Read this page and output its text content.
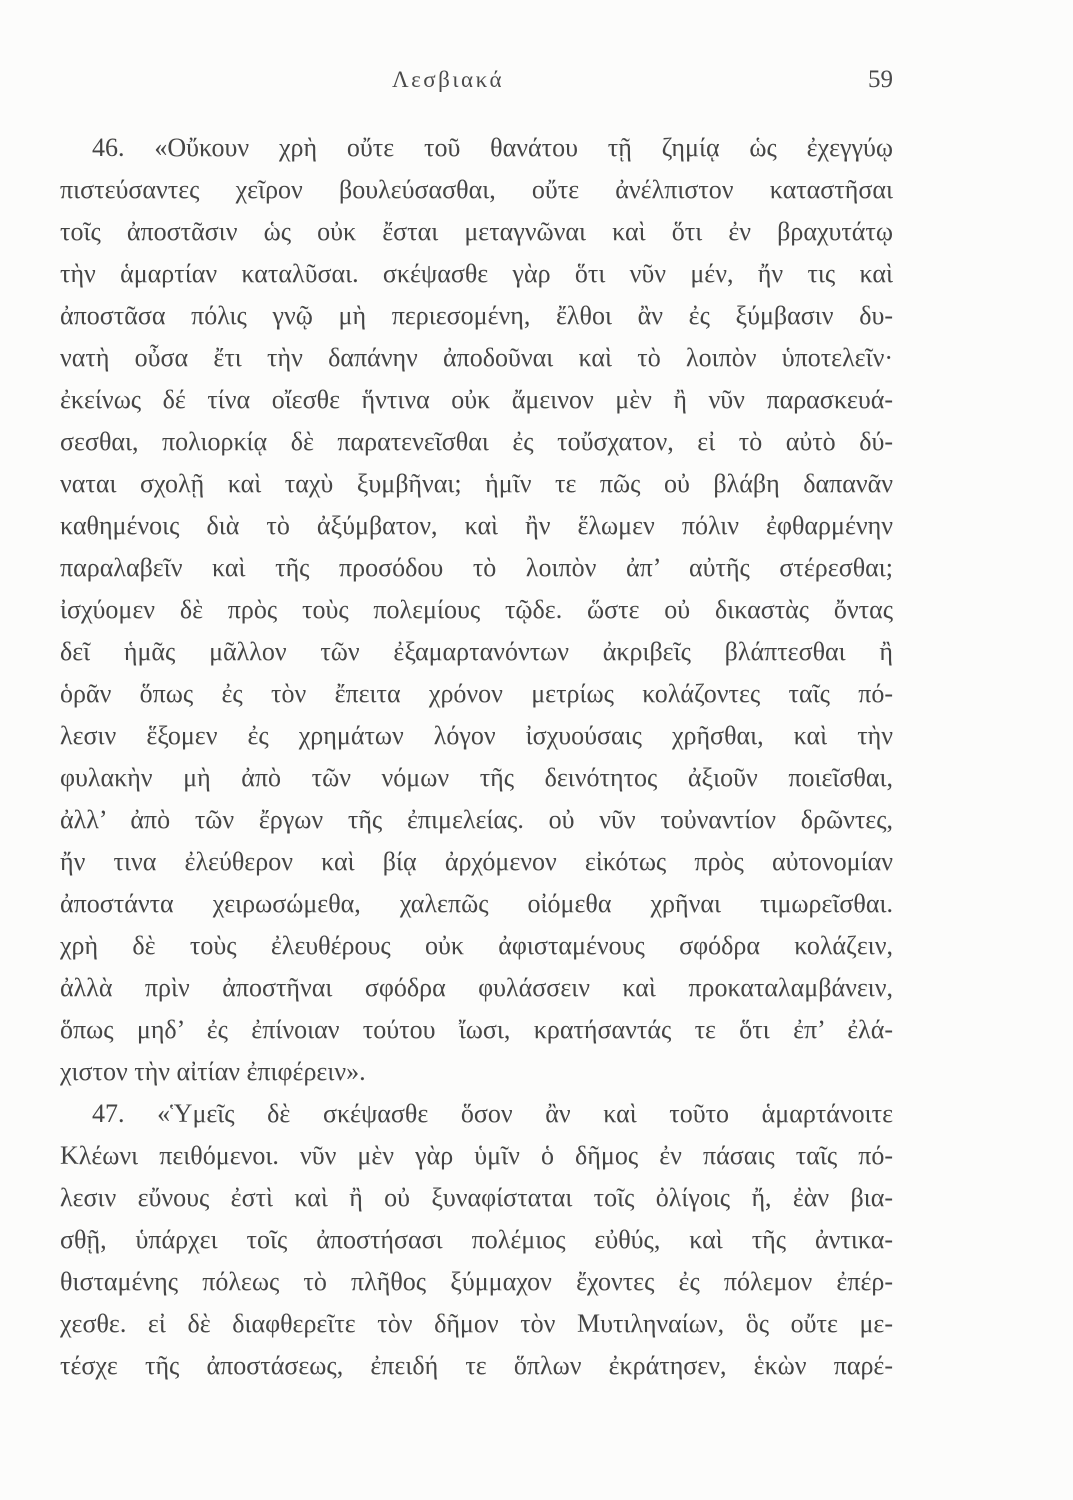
Λεσβιακά	59
46. «Οὔκουν χρὴ οὔτε τοῦ θανάτου τῇ ζημίᾳ ὡς ἐχεγγύῳ
πιστεύσαντες χεῖρον βουλεύσασθαι, οὔτε ἀνέλπιστον καταστῆσαι
τοῖς ἀποστᾶσιν ὡς οὐκ ἔσται μεταγνῶναι καὶ ὅτι ἐν βραχυτάτῳ
τὴν ἁμαρτίαν καταλῦσαι. σκέψασθε γὰρ ὅτι νῦν μέν, ἤν τις καὶ
ἀποστᾶσα πόλις γνῷ μὴ περιεσομένη, ἔλθοι ἂν ἐς ξύμβασιν δυ-
νατὴ οὖσα ἔτι τὴν δαπάνην ἀποδοῦναι καὶ τὸ λοιπὸν ὑποτελεῖν·
ἐκείνως δέ τίνα οἴεσθε ἥντινα οὐκ ἄμεινον μὲν ἢ νῦν παρασκευά-
σεσθαι, πολιορκίᾳ δὲ παρατενεῖσθαι ἐς τοὔσχατον, εἰ τὸ αὐτὸ δύ-
ναται σχολῇ καὶ ταχὺ ξυμβῆναι; ἡμῖν τε πῶς οὐ βλάβη δαπανᾶν
καθημένοις διὰ τὸ ἀξύμβατον, καὶ ἢν ἕλωμεν πόλιν ἐφθαρμένην
παραλαβεῖν καὶ τῆς προσόδου τὸ λοιπὸν ἀπ’ αὐτῆς στέρεσθαι;
ἰσχύομεν δὲ πρὸς τοὺς πολεμίους τῷδε. ὥστε οὐ δικαστὰς ὄντας
δεῖ ἡμᾶς μᾶλλον τῶν ἐξαμαρτανόντων ἀκριβεῖς βλάπτεσθαι ἢ
ὁρᾶν ὅπως ἐς τὸν ἔπειτα χρόνον μετρίως κολάζοντες ταῖς πό-
λεσιν ἕξομεν ἐς χρημάτων λόγον ἰσχυούσαις χρῆσθαι, καὶ τὴν
φυλακὴν μὴ ἀπὸ τῶν νόμων τῆς δεινότητος ἀξιοῦν ποιεῖσθαι,
ἀλλ’ ἀπὸ τῶν ἔργων τῆς ἐπιμελείας. οὐ νῦν τοὐναντίον δρῶντες,
ἤν τινα ἐλεύθερον καὶ βίᾳ ἀρχόμενον εἰκότως πρὸς αὐτονομίαν
ἀποστάντα χειρωσώμεθα, χαλεπῶς οἰόμεθα χρῆναι τιμωρεῖσθαι.
χρὴ δὲ τοὺς ἐλευθέρους οὐκ ἀφισταμένους σφόδρα κολάζειν,
ἀλλὰ πρὶν ἀποστῆναι σφόδρα φυλάσσειν καὶ προκαταλαμβάνειν,
ὅπως μηδ’ ἐς ἐπίνοιαν τούτου ἴωσι, κρατήσαντάς τε ὅτι ἐπ’ ἐλά-
χιστον τὴν αἰτίαν ἐπιφέρειν».
47. «Ὑμεῖς δὲ σκέψασθε ὅσον ἂν καὶ τοῦτο ἁμαρτάνοιτε
Κλέωνι πειθόμενοι. νῦν μὲν γὰρ ὑμῖν ὁ δῆμος ἐν πάσαις ταῖς πό-
λεσιν εὔνους ἐστὶ καὶ ἢ οὐ ξυναφίσταται τοῖς ὀλίγοις ἤ, ἐὰν βια-
σθῇ, ὑπάρχει τοῖς ἀποστήσασι πολέμιος εὐθύς, καὶ τῆς ἀντικα-
θισταμένης πόλεως τὸ πλῆθος ξύμμαχον ἔχοντες ἐς πόλεμον ἐπέρ-
χεσθε. εἰ δὲ διαφθερεῖτε τὸν δῆμον τὸν Μυτιληναίων, ὃς οὔτε με-
τέσχε τῆς ἀποστάσεως, ἐπειδή τε ὅπλων ἐκράτησεν, ἑκὼν παρέ-
